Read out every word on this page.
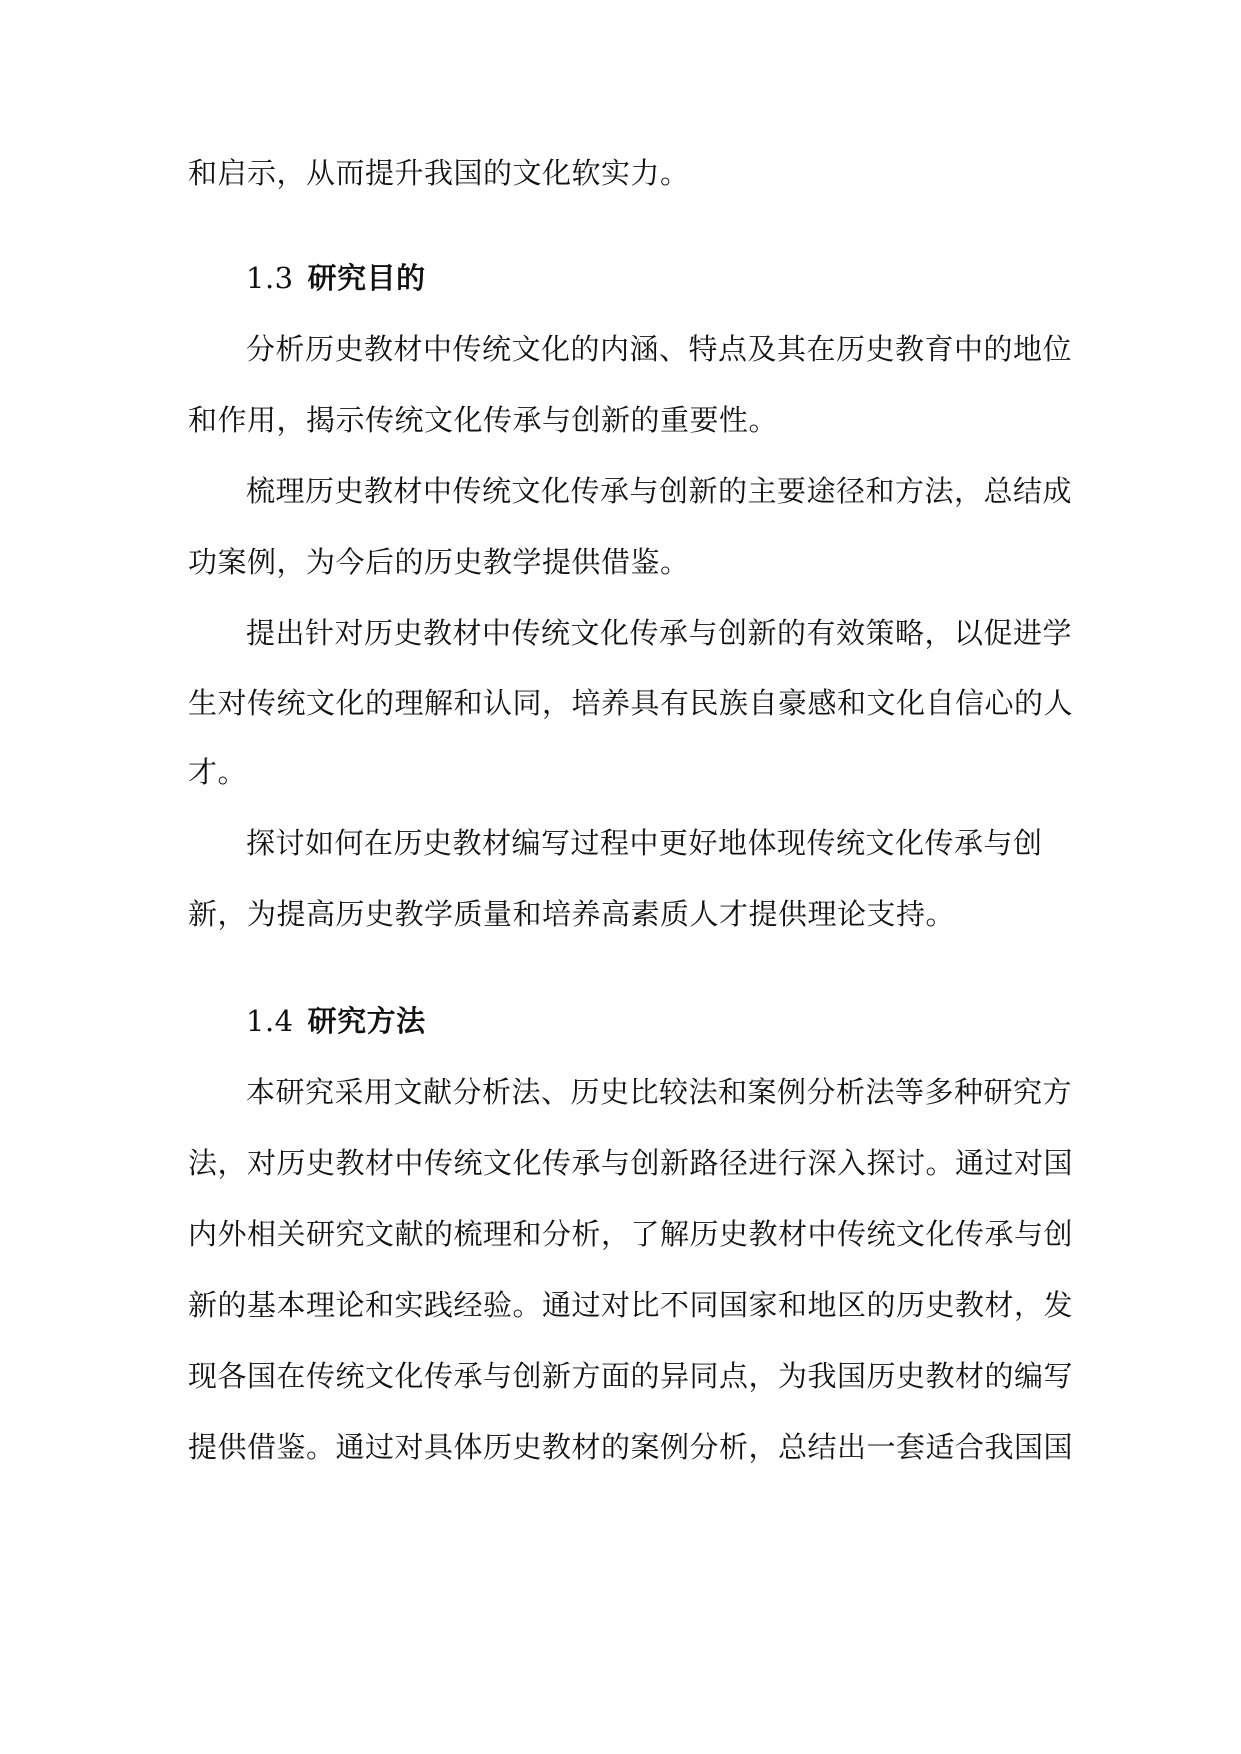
和启示，从而提升我国的文化软实力。
1.3 研究目的
分析历史教材中传统文化的内涵、特点及其在历史教育中的地位
和作用，揭示传统文化传承与创新的重要性。
梳理历史教材中传统文化传承与创新的主要途径和方法，总结成
功案例，为今后的历史教学提供借鉴。
提出针对历史教材中传统文化传承与创新的有效策略，以促进学
生对传统文化的理解和认同，培养具有民族自豪感和文化自信心的人
才。
探讨如何在历史教材编写过程中更好地体现传统文化传承与创
新，为提高历史教学质量和培养高素质人才提供理论支持。
1.4 研究方法
本研究采用文献分析法、历史比较法和案例分析法等多种研究方
法，对历史教材中传统文化传承与创新路径进行深入探讨。通过对国
内外相关研究文献的梳理和分析，了解历史教材中传统文化传承与创
新的基本理论和实践经验。通过对比不同国家和地区的历史教材，发
现各国在传统文化传承与创新方面的异同点，为我国历史教材的编写
提供借鉴。通过对具体历史教材的案例分析，总结出一套适合我国国
